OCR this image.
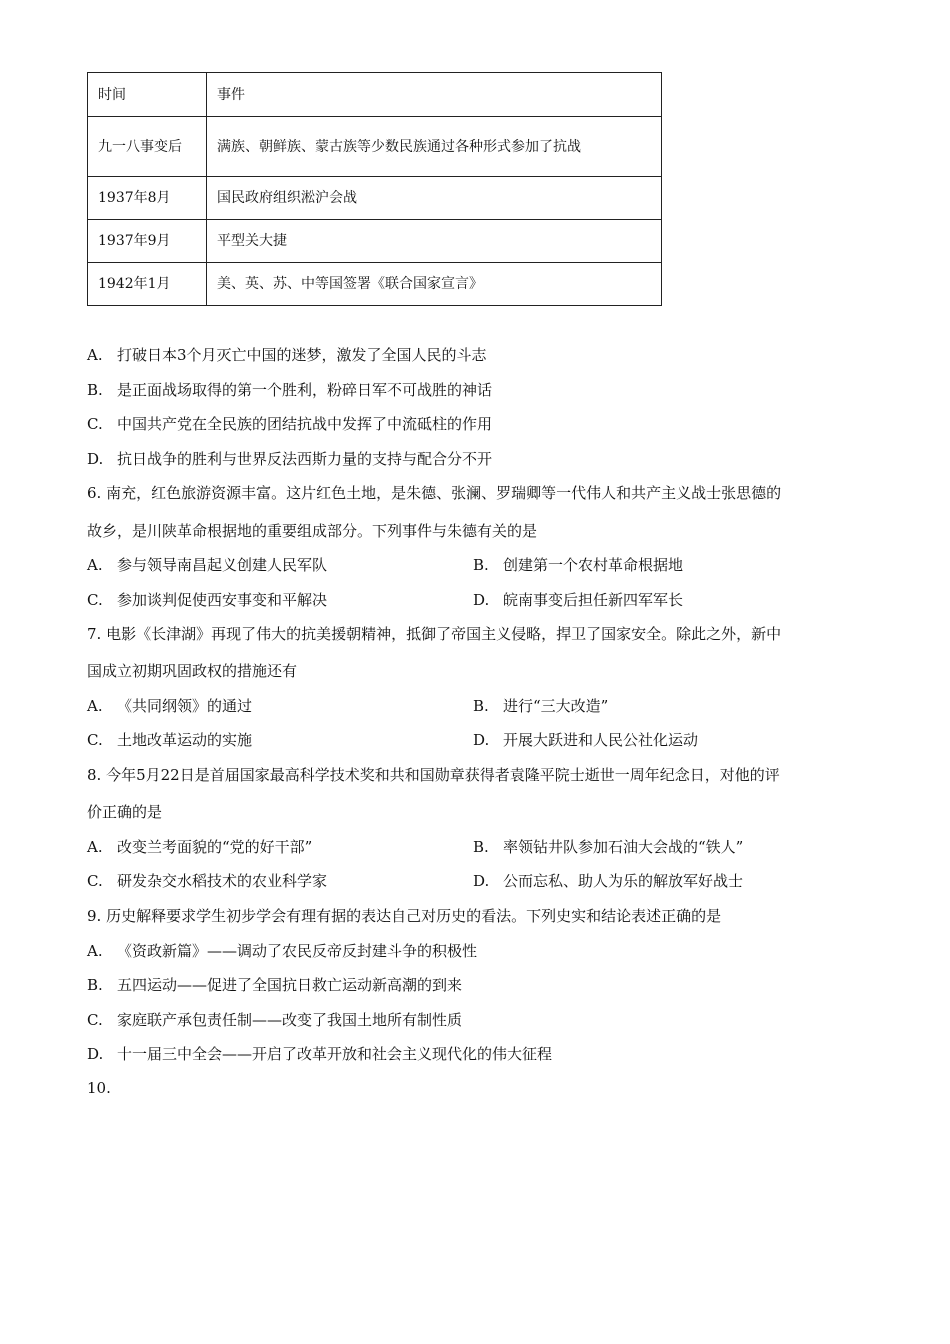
时间	事件
九一八事变后	满族、朝鲜族、蒙古族等少数民族通过各种形式参加了抗战
1937年8月	国民政府组织淞沪会战
1937年9月	平型关大捷
1942年1月	美、英、苏、中等国签署《联合国家宣言》
A. 打破日本3个月灭亡中国的迷梦，激发了全国人民的斗志
B. 是正面战场取得的第一个胜利，粉碎日军不可战胜的神话
C. 中国共产党在全民族的团结抗战中发挥了中流砥柱的作用
D. 抗日战争的胜利与世界反法西斯力量的支持与配合分不开
6. 南充，红色旅游资源丰富。这片红色土地，是朱德、张澜、罗瑞卿等一代伟人和共产主义战士张思德的
故乡，是川陕革命根据地的重要组成部分。下列事件与朱德有关的是
A. 参与领导南昌起义创建人民军队	B. 创建第一个农村革命根据地
C. 参加谈判促使西安事变和平解决	D. 皖南事变后担任新四军军长
7. 电影《长津湖》再现了伟大的抗美援朝精神，抵御了帝国主义侵略，捍卫了国家安全。除此之外，新中
国成立初期巩固政权的措施还有
A. 《共同纲领》的通过	B. 进行“三大改造”
C. 土地改革运动的实施	D. 开展大跃进和人民公社化运动
8. 今年5月22日是首届国家最高科学技术奖和共和国勋章获得者袁隆平院士逝世一周年纪念日，对他的评
价正确的是
A. 改变兰考面貌的“党的好干部”	B. 率领钻井队参加石油大会战的“铁人”
C. 研发杂交水稻技术的农业科学家	D. 公而忘私、助人为乐的解放军好战士
9. 历史解释要求学生初步学会有理有据的表达自己对历史的看法。下列史实和结论表述正确的是
A. 《资政新篇》——调动了农民反帝反封建斗争的积极性
B. 五四运动——促进了全国抗日救亡运动新高潮的到来
C. 家庭联产承包责任制——改变了我国土地所有制性质
D. 十一届三中全会——开启了改革开放和社会主义现代化的伟大征程
10.
